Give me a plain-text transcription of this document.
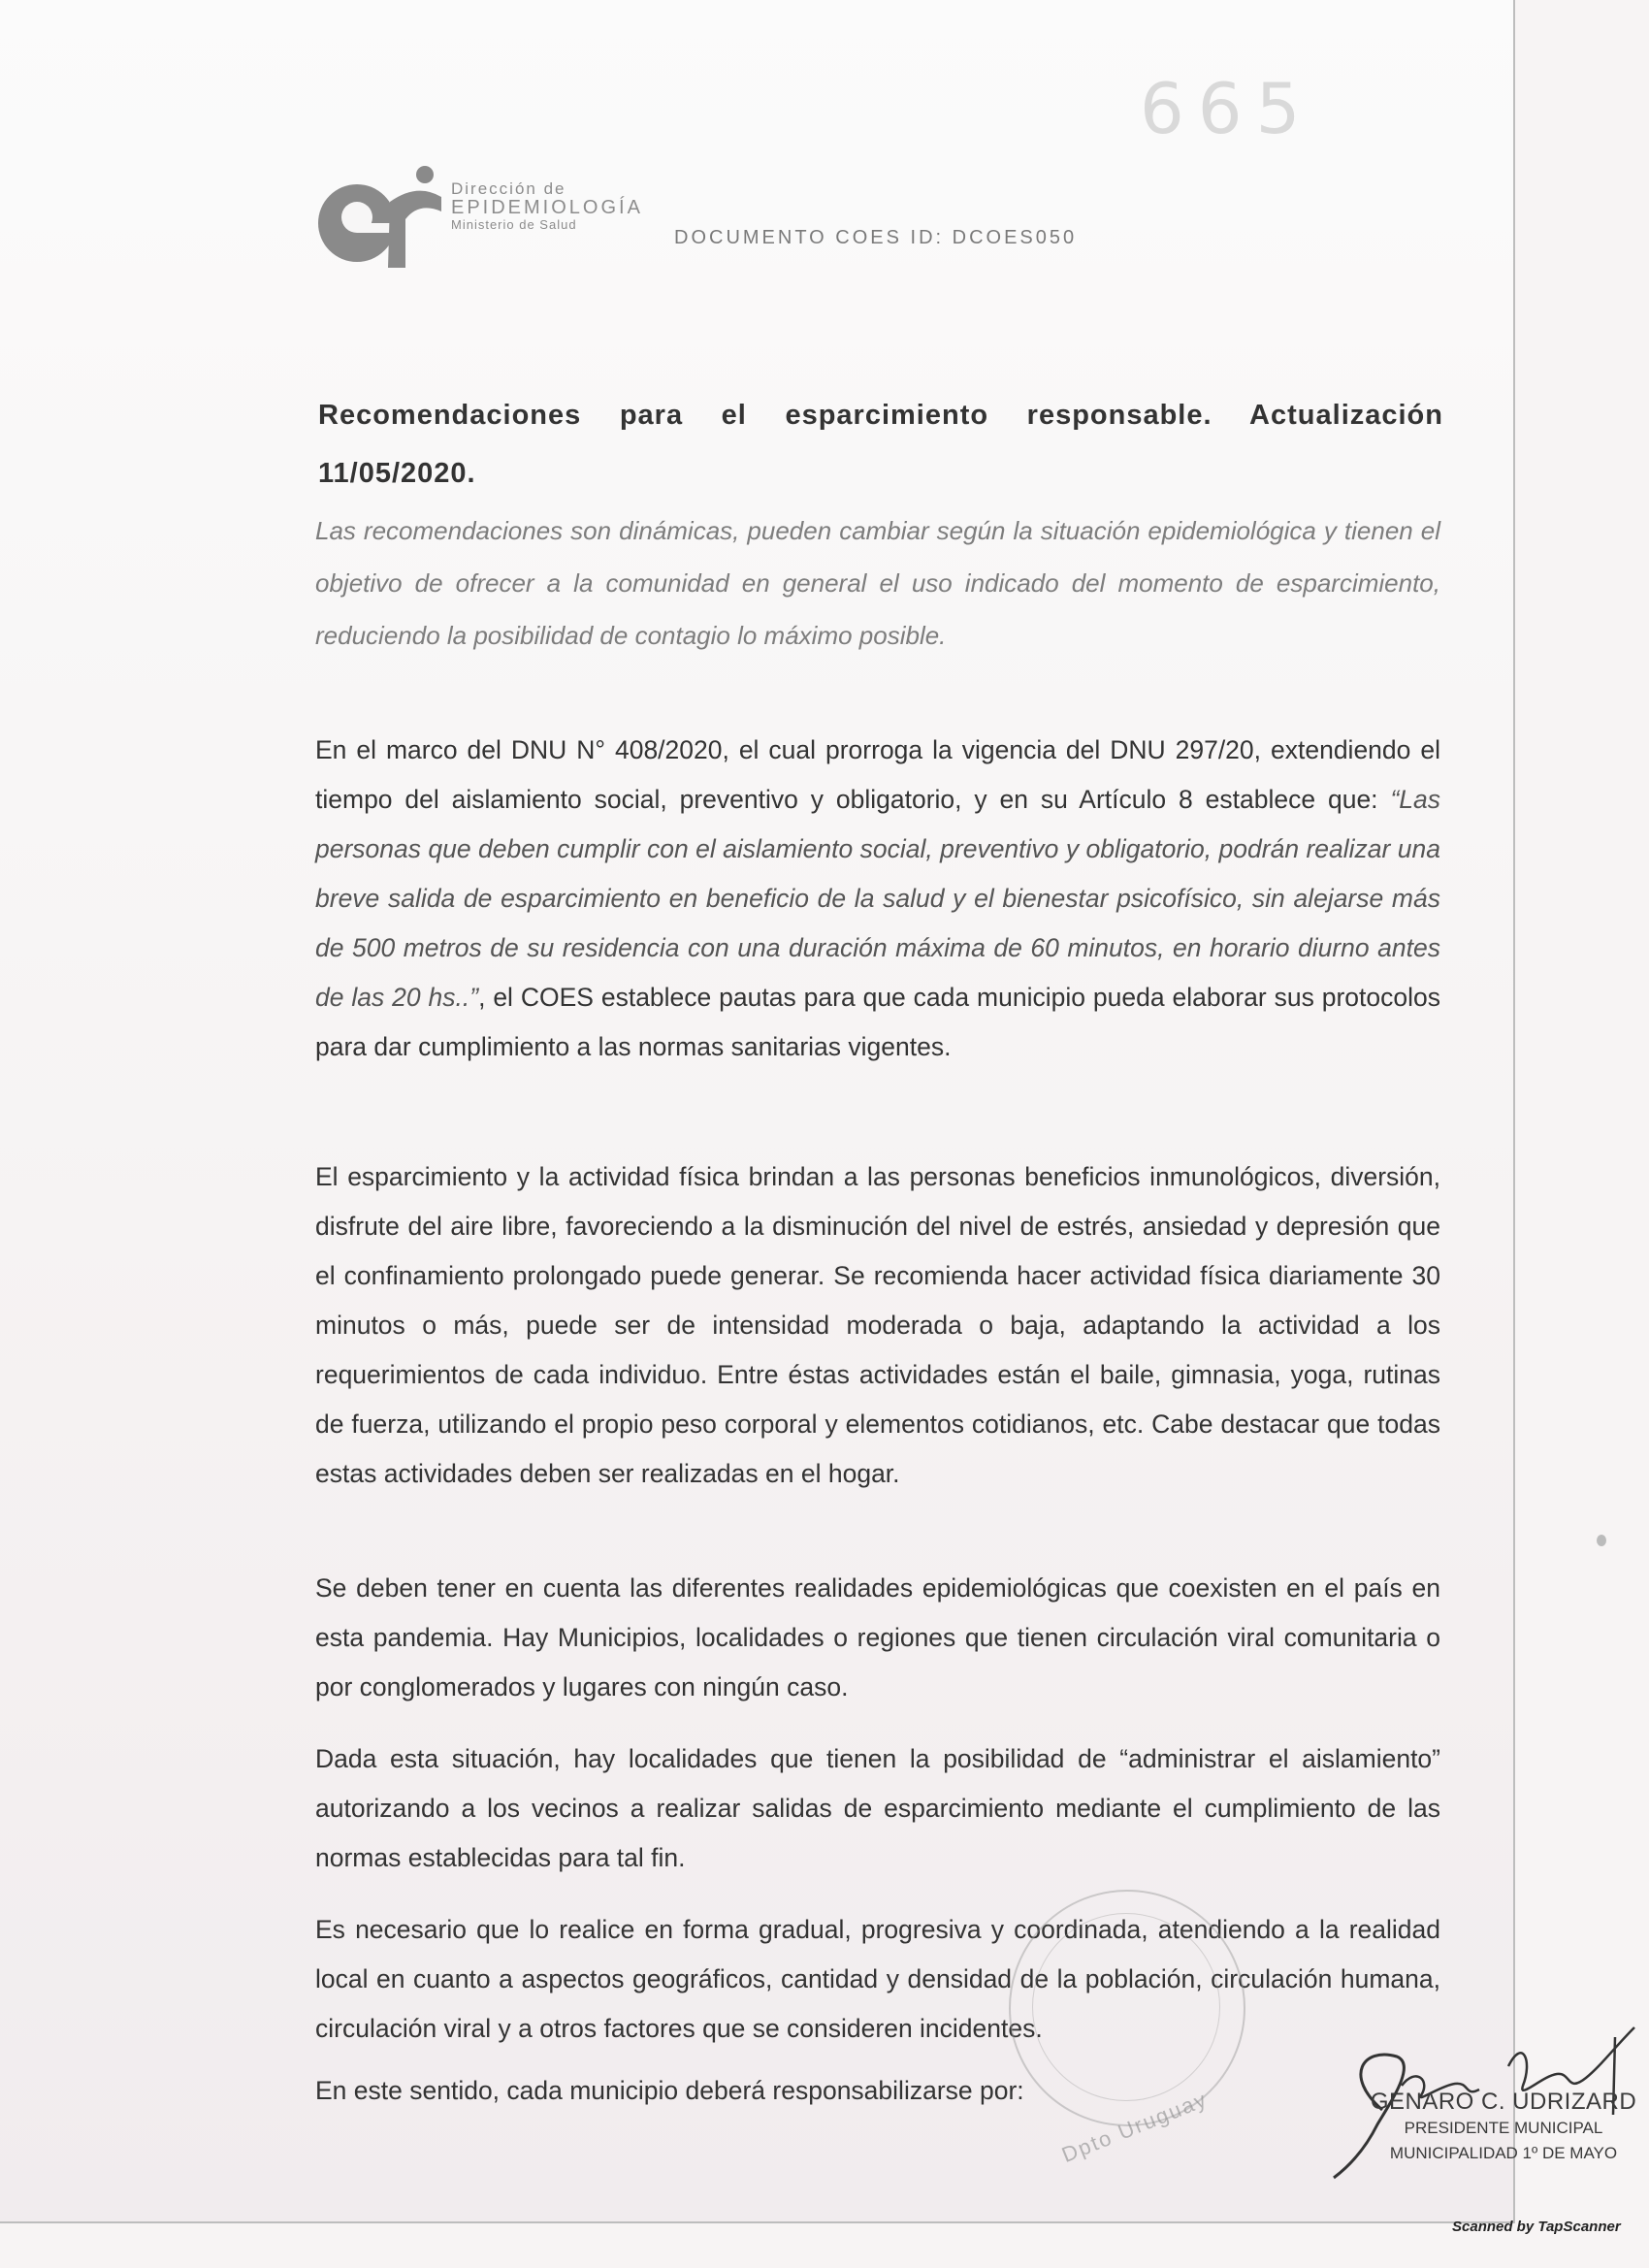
665
Dirección de
EPIDEMIOLOGÍA
Ministerio de Salud
DOCUMENTO COES ID: DCOES050
Recomendaciones para el esparcimiento responsable. Actualización 11/05/2020.

Las recomendaciones son dinámicas, pueden cambiar según la situación epidemiológica y tienen el objetivo de ofrecer a la comunidad en general el uso indicado del momento de esparcimiento, reduciendo la posibilidad de contagio lo máximo posible.

En el marco del DNU N° 408/2020, el cual prorroga la vigencia del DNU 297/20, extendiendo el tiempo del aislamiento social, preventivo y obligatorio, y en su Artículo 8 establece que: “Las personas que deben cumplir con el aislamiento social, preventivo y obligatorio, podrán realizar una breve salida de esparcimiento en beneficio de la salud y el bienestar psicofísico, sin alejarse más de 500 metros de su residencia con una duración máxima de 60 minutos, en horario diurno antes de las 20 hs..”, el COES establece pautas para que cada municipio pueda elaborar sus protocolos para dar cumplimiento a las normas sanitarias vigentes.

El esparcimiento y la actividad física brindan a las personas beneficios inmunológicos, diversión, disfrute del aire libre, favoreciendo a la disminución del nivel de estrés, ansiedad y depresión que el confinamiento prolongado puede generar. Se recomienda hacer actividad física diariamente 30 minutos o más, puede ser de intensidad moderada o baja, adaptando la actividad a los requerimientos de cada individuo. Entre éstas actividades están el baile, gimnasia, yoga, rutinas de fuerza, utilizando el propio peso corporal y elementos cotidianos, etc. Cabe destacar que todas estas actividades deben ser realizadas en el hogar.

Se deben tener en cuenta las diferentes realidades epidemiológicas que coexisten en el país en esta pandemia. Hay Municipios, localidades o regiones que tienen circulación viral comunitaria o por conglomerados y lugares con ningún caso.

Dada esta situación, hay localidades que tienen la posibilidad de “administrar el aislamiento” autorizando a los vecinos a realizar salidas de esparcimiento mediante el cumplimiento de las normas establecidas para tal fin.

Es necesario que lo realice en forma gradual, progresiva y coordinada, atendiendo a la realidad local en cuanto a aspectos geográficos, cantidad y densidad de la población, circulación humana, circulación viral y a otros factores que se consideren incidentes.

En este sentido, cada municipio deberá responsabilizarse por:	Dpto Uruguay	GENARO C. UDRIZARD
PRESIDENTE MUNICIPAL
MUNICIPALIDAD 1º DE MAYO
Scanned by TapScanner
